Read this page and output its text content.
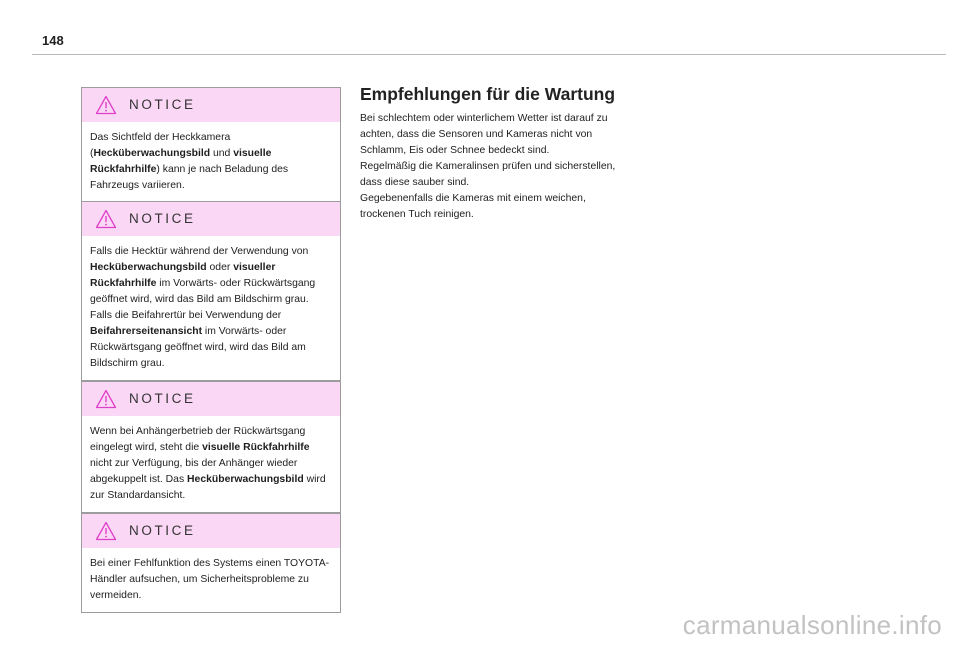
148
NOTICE

Das Sichtfeld der Heckkamera (Hecküberwachungsbild und visuelle Rückfahrhilfe) kann je nach Beladung des Fahrzeugs variieren.

NOTICE

Falls die Hecktür während der Verwendung von Hecküberwachungsbild oder visueller Rückfahrhilfe im Vorwärts- oder Rückwärtsgang geöffnet wird, wird das Bild am Bildschirm grau.

Falls die Beifahrertür bei Verwendung der Beifahrerseitenansicht im Vorwärts- oder Rückwärtsgang geöffnet wird, wird das Bild am Bildschirm grau.

NOTICE

Wenn bei Anhängerbetrieb der Rückwärtsgang eingelegt wird, steht die visuelle Rückfahrhilfe nicht zur Verfügung, bis der Anhänger wieder abgekuppelt ist. Das Hecküberwachungsbild wird zur Standardansicht.

NOTICE

Bei einer Fehlfunktion des Systems einen TOYOTA-Händler aufsuchen, um Sicherheitsprobleme zu vermeiden.

Empfehlungen für die Wartung

Bei schlechtem oder winterlichem Wetter ist darauf zu achten, dass die Sensoren und Kameras nicht von Schlamm, Eis oder Schnee bedeckt sind.

Regelmäßig die Kameralinsen prüfen und sicherstellen, dass diese sauber sind.

Gegebenenfalls die Kameras mit einem weichen, trockenen Tuch reinigen.

carmanualsonline.info
